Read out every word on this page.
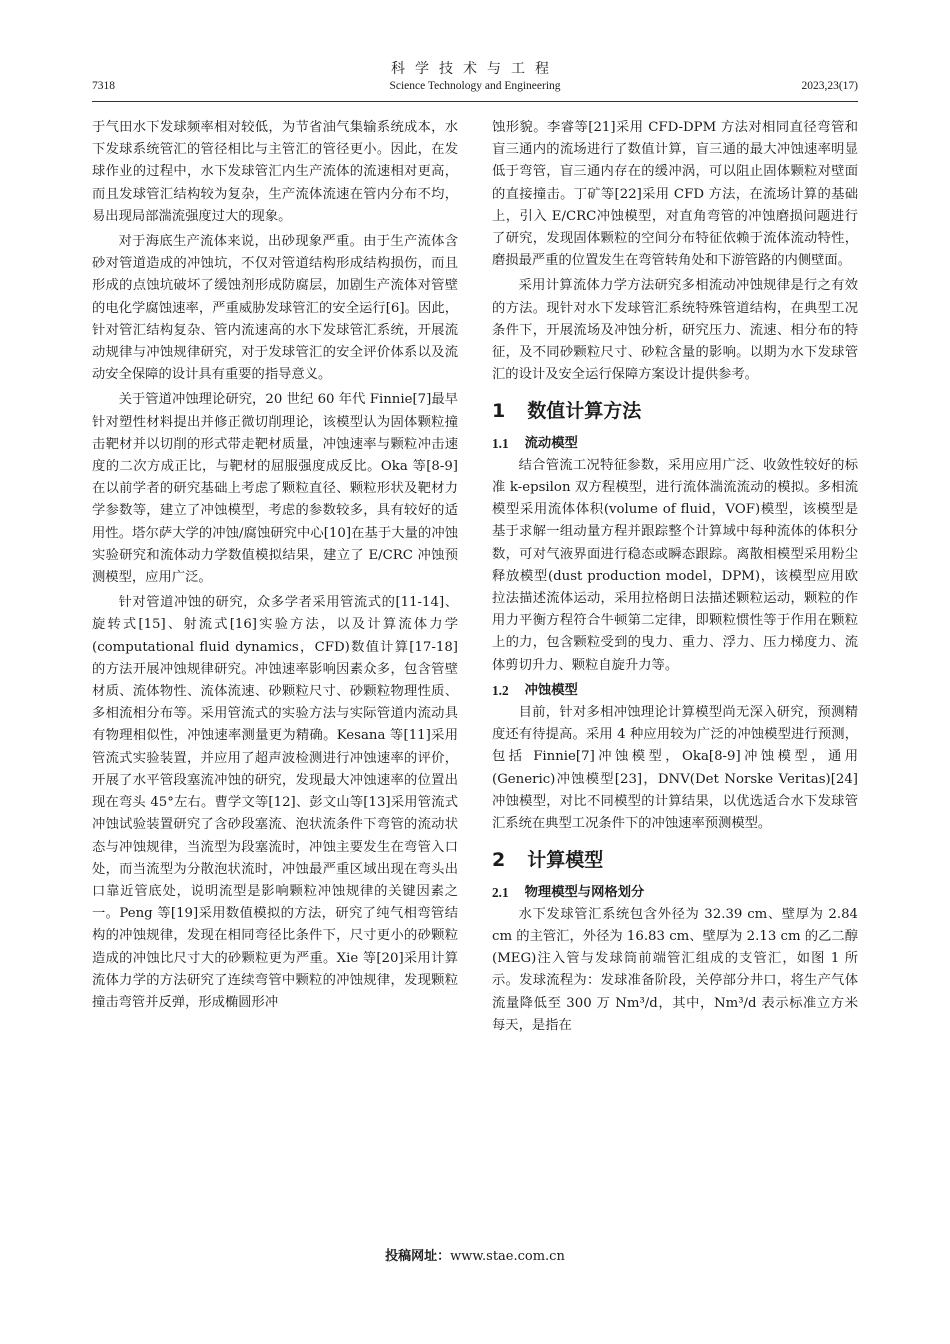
科学技术与工程
7318	Science Technology and Engineering	2023,23(17)

于气田水下发球频率相对较低，为节省油气集输系统成本，水下发球系统管汇的管径相比与主管汇的管径更小。因此，在发球作业的过程中，水下发球管汇内生产流体的流速相对更高，而且发球管汇结构较为复杂，生产流体流速在管内分布不均，易出现局部湍流强度过大的现象。

对于海底生产流体来说，出砂现象严重。由于生产流体含砂对管道造成的冲蚀坑，不仅对管道结构形成结构损伤，而且形成的点蚀坑破坏了缓蚀剂形成防腐层，加剧生产流体对管壁的电化学腐蚀速率，严重威胁发球管汇的安全运行[6]。因此，针对管汇结构复杂、管内流速高的水下发球管汇系统，开展流动规律与冲蚀规律研究，对于发球管汇的安全评价体系以及流动安全保障的设计具有重要的指导意义。

关于管道冲蚀理论研究，20 世纪 60 年代 Finnie[7]最早针对塑性材料提出并修正微切削理论，该模型认为固体颗粒撞击靶材并以切削的形式带走靶材质量，冲蚀速率与颗粒冲击速度的二次方成正比，与靶材的屈服强度成反比。Oka 等[8-9]在以前学者的研究基础上考虑了颗粒直径、颗粒形状及靶材力学参数等，建立了冲蚀模型，考虑的参数较多，具有较好的适用性。塔尔萨大学的冲蚀/腐蚀研究中心[10]在基于大量的冲蚀实验研究和流体动力学数值模拟结果，建立了 E/CRC 冲蚀预测模型，应用广泛。

针对管道冲蚀的研究，众多学者采用管流式的[11-14]、旋转式[15]、射流式[16]实验方法，以及计算流体力学(computational fluid dynamics，CFD)数值计算[17-18]的方法开展冲蚀规律研究。冲蚀速率影响因素众多，包含管壁材质、流体物性、流体流速、砂颗粒尺寸、砂颗粒物理性质、多相流相分布等。采用管流式的实验方法与实际管道内流动具有物理相似性，冲蚀速率测量更为精确。Kesana 等[11]采用管流式实验装置，并应用了超声波检测进行冲蚀速率的评价，开展了水平管段塞流冲蚀的研究，发现最大冲蚀速率的位置出现在弯头 45°左右。曹学文等[12]、彭文山等[13]采用管流式冲蚀试验装置研究了含砂段塞流、泡状流条件下弯管的流动状态与冲蚀规律，当流型为段塞流时，冲蚀主要发生在弯管入口处，而当流型为分散泡状流时，冲蚀最严重区域出现在弯头出口靠近管底处，说明流型是影响颗粒冲蚀规律的关键因素之一。Peng 等[19]采用数值模拟的方法，研究了纯气相弯管结构的冲蚀规律，发现在相同弯径比条件下，尺寸更小的砂颗粒造成的冲蚀比尺寸大的砂颗粒更为严重。Xie 等[20]采用计算流体力学的方法研究了连续弯管中颗粒的冲蚀规律，发现颗粒撞击弯管并反弹，形成椭圆形冲

蚀形貌。李睿等[21]采用 CFD-DPM 方法对相同直径弯管和盲三通内的流场进行了数值计算，盲三通的最大冲蚀速率明显低于弯管，盲三通内存在的缓冲涡，可以阻止固体颗粒对壁面的直接撞击。丁矿等[22]采用 CFD 方法，在流场计算的基础上，引入 E/CRC冲蚀模型，对直角弯管的冲蚀磨损问题进行了研究，发现固体颗粒的空间分布特征依赖于流体流动特性，磨损最严重的位置发生在弯管转角处和下游管路的内侧壁面。

采用计算流体力学方法研究多相流动冲蚀规律是行之有效的方法。现针对水下发球管汇系统特殊管道结构，在典型工况条件下，开展流场及冲蚀分析，研究压力、流速、相分布的特征，及不同砂颗粒尺寸、砂粒含量的影响。以期为水下发球管汇的设计及安全运行保障方案设计提供参考。

1 数值计算方法
1.1 流动模型

结合管流工况特征参数，采用应用广泛、收敛性较好的标准 k-epsilon 双方程模型，进行流体湍流流动的模拟。多相流模型采用流体体积(volume of fluid，VOF)模型，该模型是基于求解一组动量方程并跟踪整个计算域中每种流体的体积分数，可对气液界面进行稳态或瞬态跟踪。离散相模型采用粉尘释放模型(dust production model，DPM)，该模型应用欧拉法描述流体运动，采用拉格朗日法描述颗粒运动，颗粒的作用力平衡方程符合牛顿第二定律，即颗粒惯性等于作用在颗粒上的力，包含颗粒受到的曳力、重力、浮力、压力梯度力、流体剪切升力、颗粒自旋升力等。

1.2 冲蚀模型

目前，针对多相冲蚀理论计算模型尚无深入研究，预测精度还有待提高。采用 4 种应用较为广泛的冲蚀模型进行预测，包括 Finnie[7]冲蚀模型，Oka[8-9]冲蚀模型，通用(Generic)冲蚀模型[23]，DNV(Det Norske Veritas)[24]冲蚀模型，对比不同模型的计算结果，以优选适合水下发球管汇系统在典型工况条件下的冲蚀速率预测模型。

2 计算模型
2.1 物理模型与网格划分

水下发球管汇系统包含外径为 32.39 cm、壁厚为 2.84 cm 的主管汇，外径为 16.83 cm、壁厚为 2.13 cm 的乙二醇(MEG)注入管与发球筒前端管汇组成的支管汇，如图 1 所示。发球流程为：发球准备阶段，关停部分井口，将生产气体流量降低至 300 万 Nm³/d，其中，Nm³/d 表示标准立方米每天，是指在

投稿网址：www.stae.com.cn
